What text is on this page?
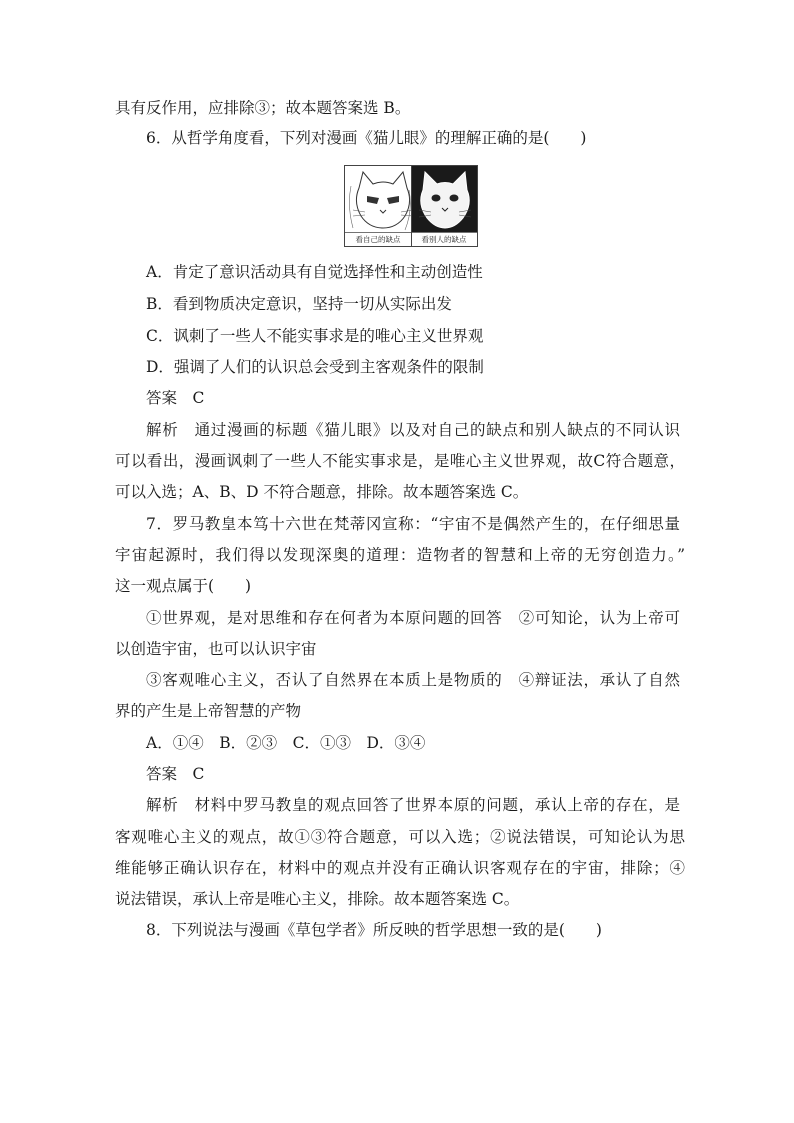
具有反作用，应排除③；故本题答案选 B。
6．从哲学角度看，下列对漫画《猫儿眼》的理解正确的是(　　)
看自己的缺点	看别人的缺点
A．肯定了意识活动具有自觉选择性和主动创造性
B．看到物质决定意识，坚持一切从实际出发
C．讽刺了一些人不能实事求是的唯心主义世界观
D．强调了人们的认识总会受到主客观条件的限制
答案　C
解析　通过漫画的标题《猫儿眼》以及对自己的缺点和别人缺点的不同认识
可以看出，漫画讽刺了一些人不能实事求是，是唯心主义世界观，故C符合题意，
可以入选；A、B、D 不符合题意，排除。故本题答案选 C。
7．罗马教皇本笃十六世在梵蒂冈宣称：“宇宙不是偶然产生的，在仔细思量
宇宙起源时，我们得以发现深奥的道理：造物者的智慧和上帝的无穷创造力。”
这一观点属于(　　)
①世界观，是对思维和存在何者为本原问题的回答　②可知论，认为上帝可
以创造宇宙，也可以认识宇宙
③客观唯心主义，否认了自然界在本质上是物质的　④辩证法，承认了自然
界的产生是上帝智慧的产物
A．①④　B．②③　C．①③　D．③④
答案　C
解析　材料中罗马教皇的观点回答了世界本原的问题，承认上帝的存在，是
客观唯心主义的观点，故①③符合题意，可以入选；②说法错误，可知论认为思
维能够正确认识存在，材料中的观点并没有正确认识客观存在的宇宙，排除；④
说法错误，承认上帝是唯心主义，排除。故本题答案选 C。
8．下列说法与漫画《草包学者》所反映的哲学思想一致的是(　　)
